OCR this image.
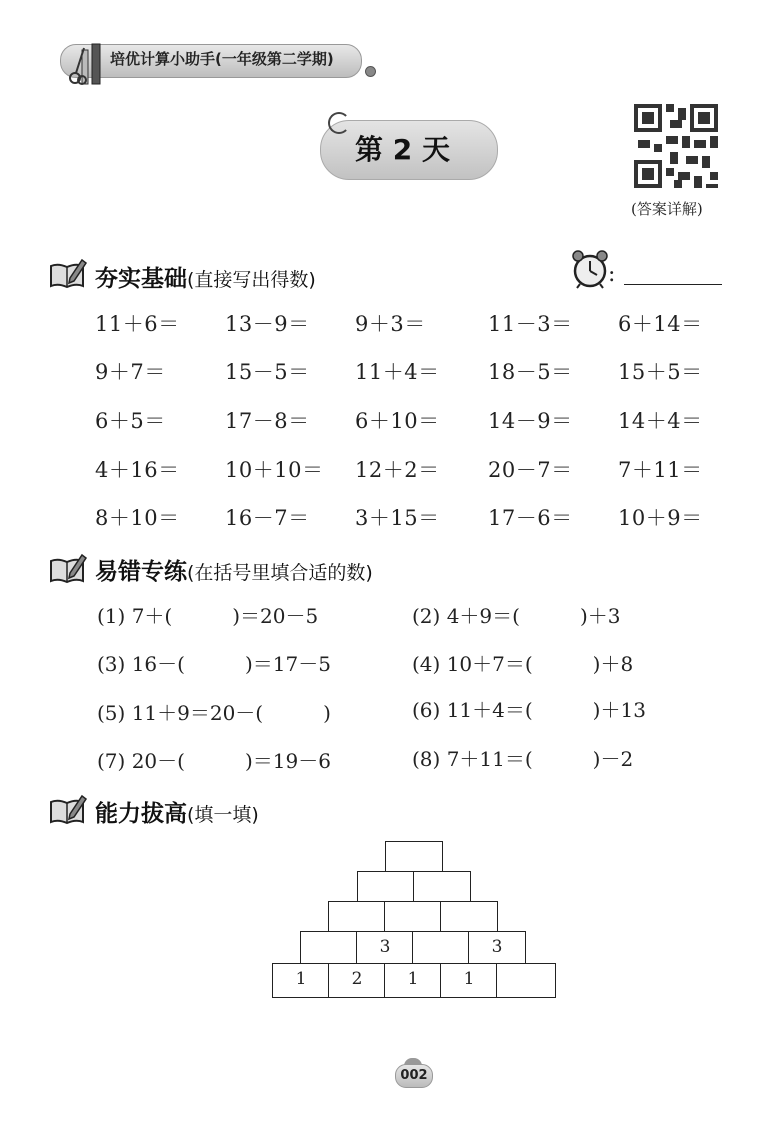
培优计算小助手(一年级第二学期)
第 2 天
(答案详解)
夯实基础(直接写出得数)	:
11＋6＝ 13－9＝ 9＋3＝	11－3＝ 6＋14＝
9＋7＝	15－5＝ 11＋4＝ 18－5＝ 15＋5＝
6＋5＝	17－8＝ 6＋10＝ 14－9＝ 14＋4＝
4＋16＝ 10＋10＝ 12＋2＝ 20－7＝ 7＋11＝
8＋10＝ 16－7＝ 3＋15＝ 17－6＝ 10＋9＝
易错专练(在括号里填合适的数)
(1) 7＋(　　　)＝20－5	(2) 4＋9＝(　　　)＋3
(3) 16－(　　　)＝17－5	(4) 10＋7＝(　　　)＋8
(5) 11＋9＝20－(　　　)	(6) 11＋4＝(　　　)＋13
(7) 20－(　　　)＝19－6	(8) 7＋11＝(　　　)－2
能力拔高(填一填)
3	3
1	2	1	1
002
